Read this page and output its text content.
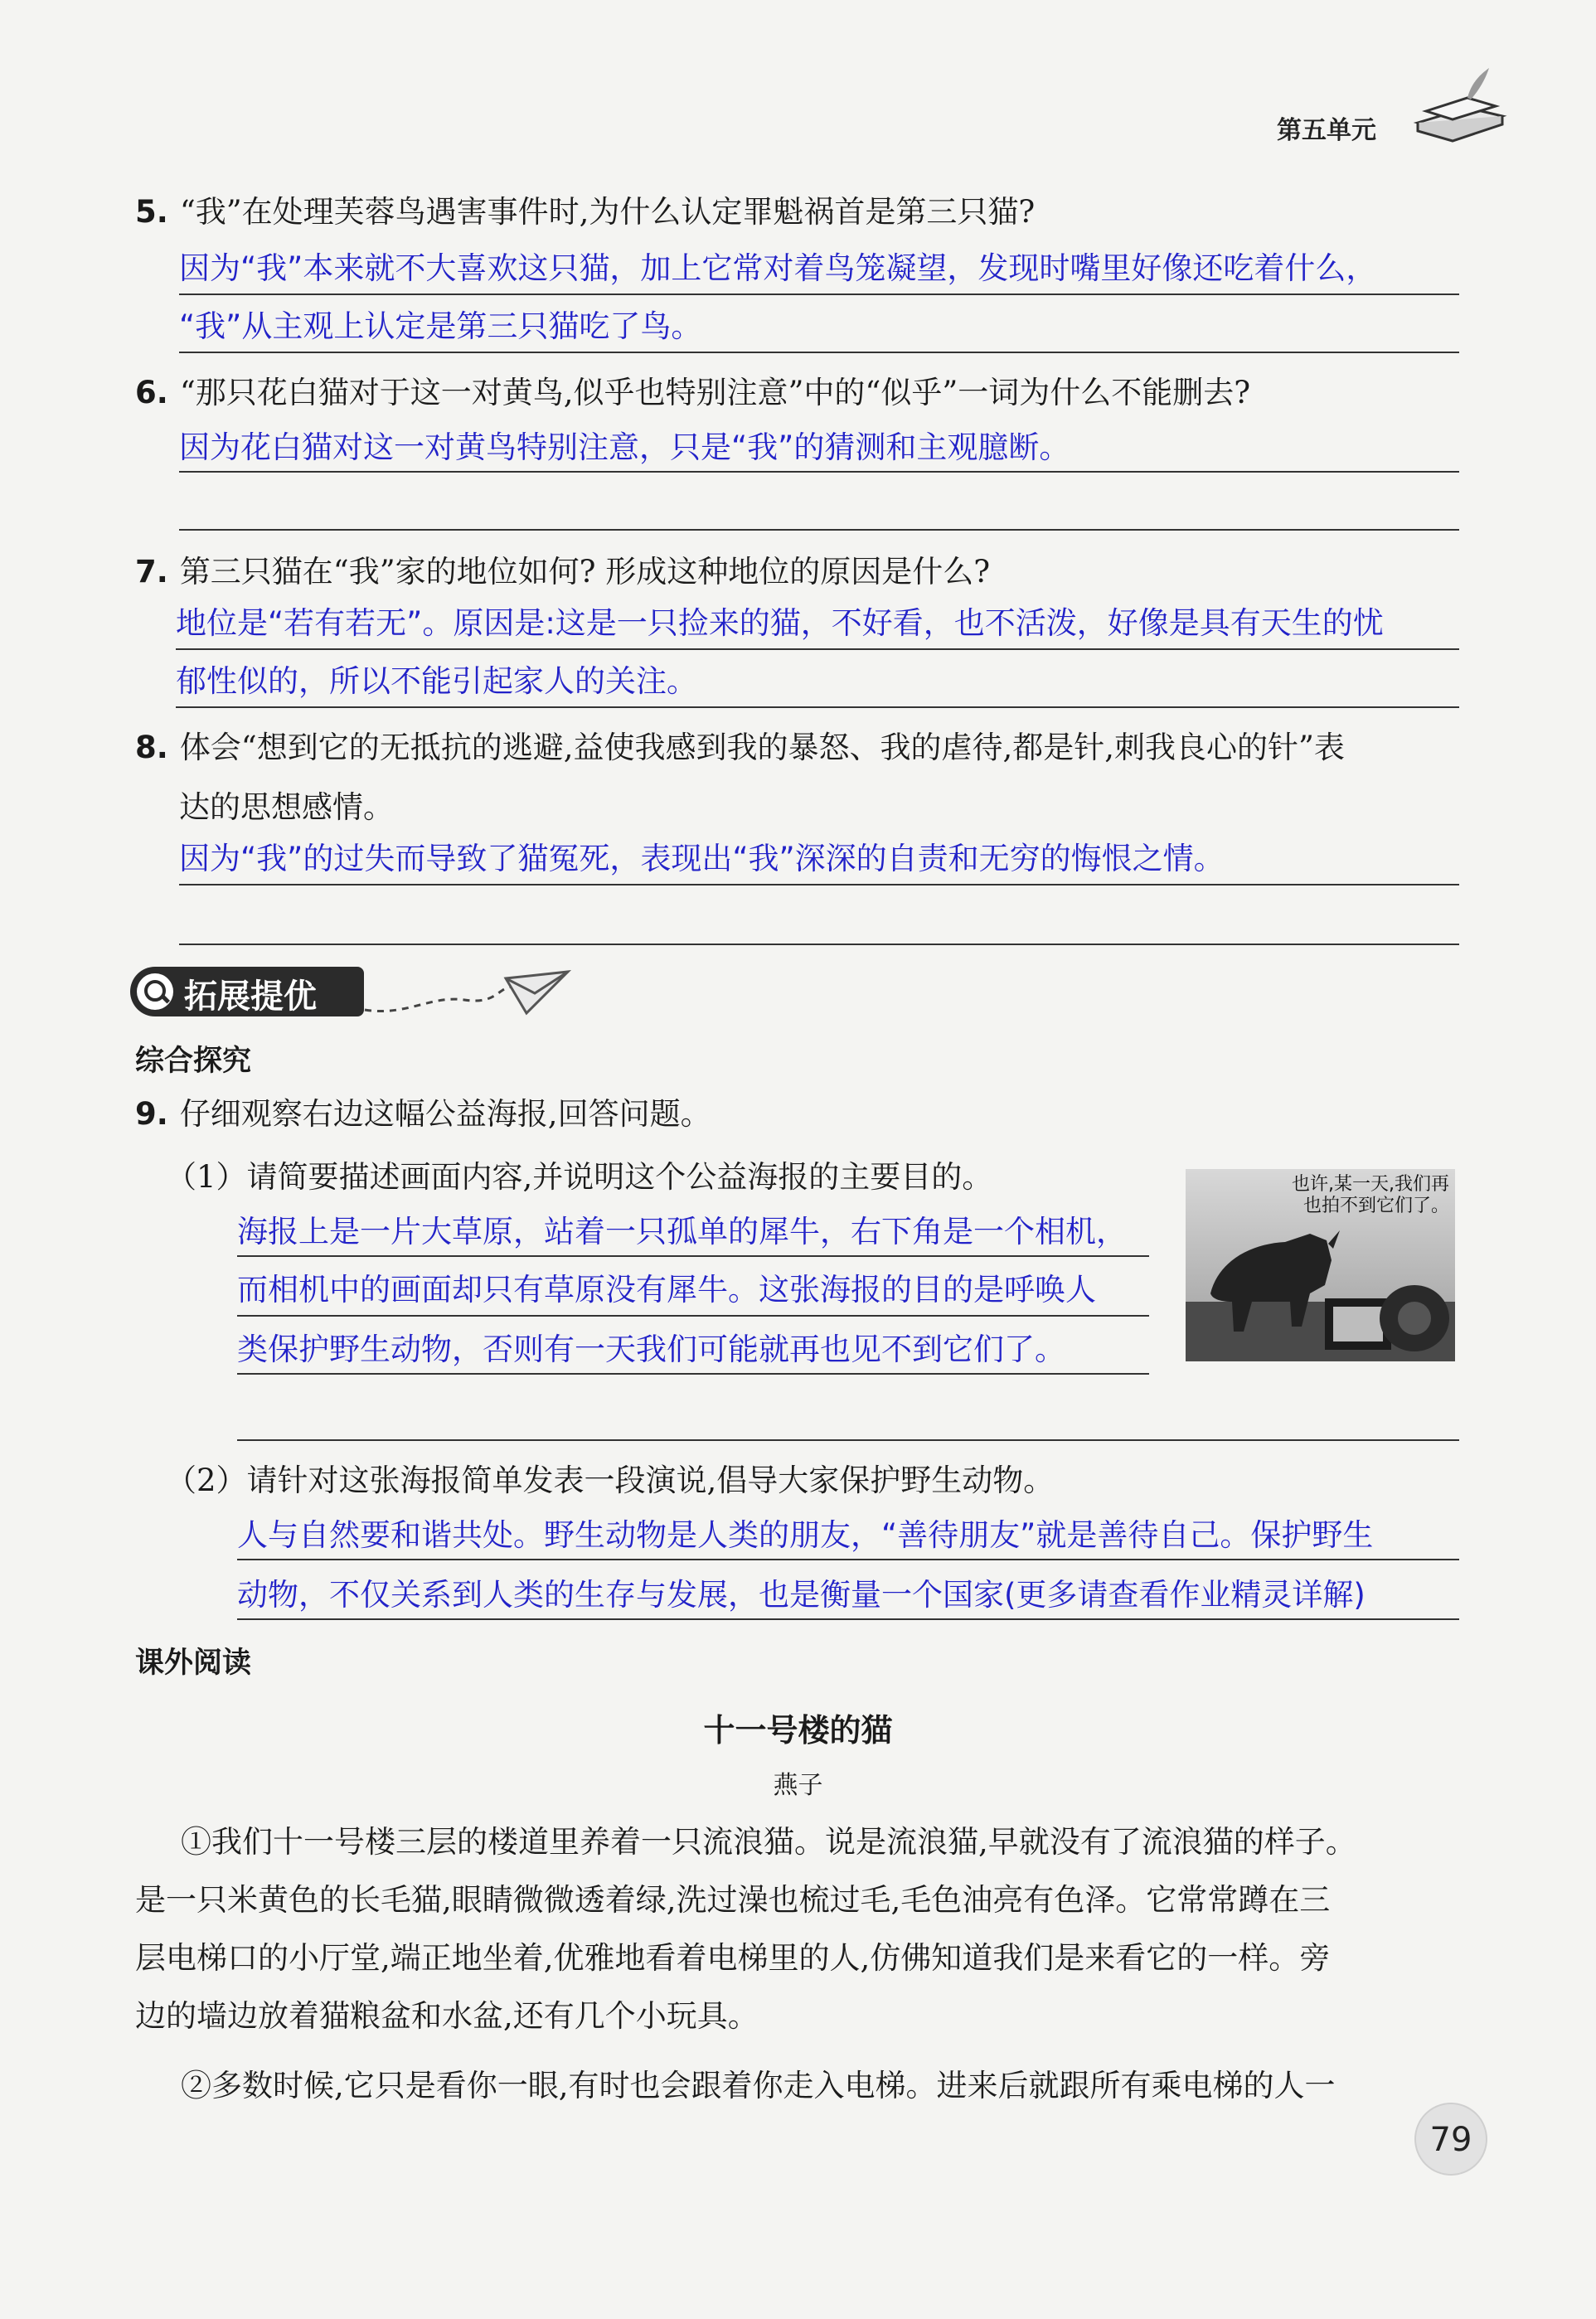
第五单元
5. “我”在处理芙蓉鸟遇害事件时,为什么认定罪魁祸首是第三只猫?
因为“我”本来就不大喜欢这只猫，加上它常对着鸟笼凝望，发现时嘴里好像还吃着什么，
“我”从主观上认定是第三只猫吃了鸟。
6. “那只花白猫对于这一对黄鸟,似乎也特别注意”中的“似乎”一词为什么不能删去?
因为花白猫对这一对黄鸟特别注意，只是“我”的猜测和主观臆断。
7. 第三只猫在“我”家的地位如何? 形成这种地位的原因是什么?
地位是“若有若无”。原因是:这是一只捡来的猫，不好看，也不活泼，好像是具有天生的忧
郁性似的，所以不能引起家人的关注。
8. 体会“想到它的无抵抗的逃避,益使我感到我的暴怒、我的虐待,都是针,刺我良心的针”表
达的思想感情。
因为“我”的过失而导致了猫冤死，表现出“我”深深的自责和无穷的悔恨之情。
拓展提优
综合探究
9. 仔细观察右边这幅公益海报,回答问题。
（1）请简要描述画面内容,并说明这个公益海报的主要目的。
海报上是一片大草原，站着一只孤单的犀牛，右下角是一个相机，
而相机中的画面却只有草原没有犀牛。这张海报的目的是呼唤人
类保护野生动物，否则有一天我们可能就再也见不到它们了。
也许,某一天,我们再也拍不到它们了。
（2）请针对这张海报简单发表一段演说,倡导大家保护野生动物。
人与自然要和谐共处。野生动物是人类的朋友，“善待朋友”就是善待自己。保护野生
动物，不仅关系到人类的生存与发展，也是衡量一个国家(更多请查看作业精灵详解)
课外阅读
十一号楼的猫
燕子
①我们十一号楼三层的楼道里养着一只流浪猫。说是流浪猫,早就没有了流浪猫的样子。
是一只米黄色的长毛猫,眼睛微微透着绿,洗过澡也梳过毛,毛色油亮有色泽。它常常蹲在三
层电梯口的小厅堂,端正地坐着,优雅地看着电梯里的人,仿佛知道我们是来看它的一样。旁
边的墙边放着猫粮盆和水盆,还有几个小玩具。
②多数时候,它只是看你一眼,有时也会跟着你走入电梯。进来后就跟所有乘电梯的人一
79
